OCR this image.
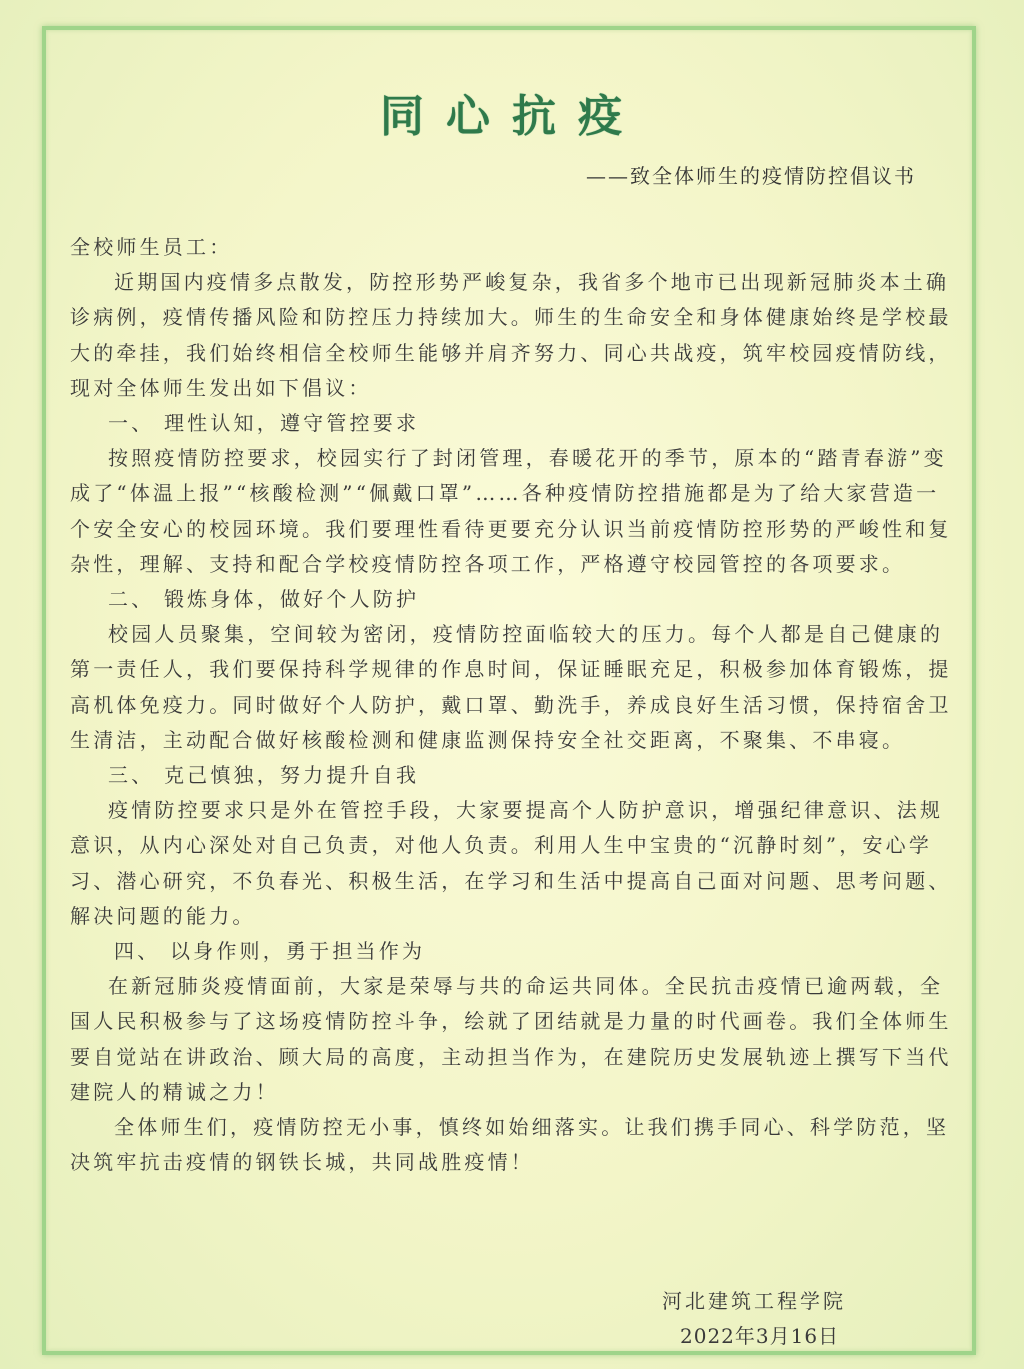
同心抗疫
——致全体师生的疫情防控倡议书

全校师生员工：

近期国内疫情多点散发，防控形势严峻复杂，我省多个地市已出现新冠肺炎本土确诊病例，疫情传播风险和防控压力持续加大。师生的生命安全和身体健康始终是学校最大的牵挂，我们始终相信全校师生能够并肩齐努力、同心共战疫，筑牢校园疫情防线，现对全体师生发出如下倡议：

一、 理性认知，遵守管控要求

按照疫情防控要求，校园实行了封闭管理，春暖花开的季节，原本的“踏青春游”变成了“体温上报”“核酸检测”“佩戴口罩”……各种疫情防控措施都是为了给大家营造一个安全安心的校园环境。我们要理性看待更要充分认识当前疫情防控形势的严峻性和复杂性，理解、支持和配合学校疫情防控各项工作，严格遵守校园管控的各项要求。

二、 锻炼身体，做好个人防护

校园人员聚集，空间较为密闭，疫情防控面临较大的压力。每个人都是自己健康的第一责任人，我们要保持科学规律的作息时间，保证睡眠充足，积极参加体育锻炼，提高机体免疫力。同时做好个人防护，戴口罩、勤洗手，养成良好生活习惯，保持宿舍卫生清洁，主动配合做好核酸检测和健康监测保持安全社交距离，不聚集、不串寝。

三、 克己慎独，努力提升自我

疫情防控要求只是外在管控手段，大家要提高个人防护意识，增强纪律意识、法规意识，从内心深处对自己负责，对他人负责。利用人生中宝贵的“沉静时刻”，安心学习、潜心研究，不负春光、积极生活，在学习和生活中提高自己面对问题、思考问题、解决问题的能力。

四、 以身作则，勇于担当作为

在新冠肺炎疫情面前，大家是荣辱与共的命运共同体。全民抗击疫情已逾两载，全国人民积极参与了这场疫情防控斗争，绘就了团结就是力量的时代画卷。我们全体师生要自觉站在讲政治、顾大局的高度，主动担当作为，在建院历史发展轨迹上撰写下当代建院人的精诚之力！

全体师生们，疫情防控无小事，慎终如始细落实。让我们携手同心、科学防范，坚决筑牢抗击疫情的钢铁长城，共同战胜疫情！

河北建筑工程学院
2022年3月16日
